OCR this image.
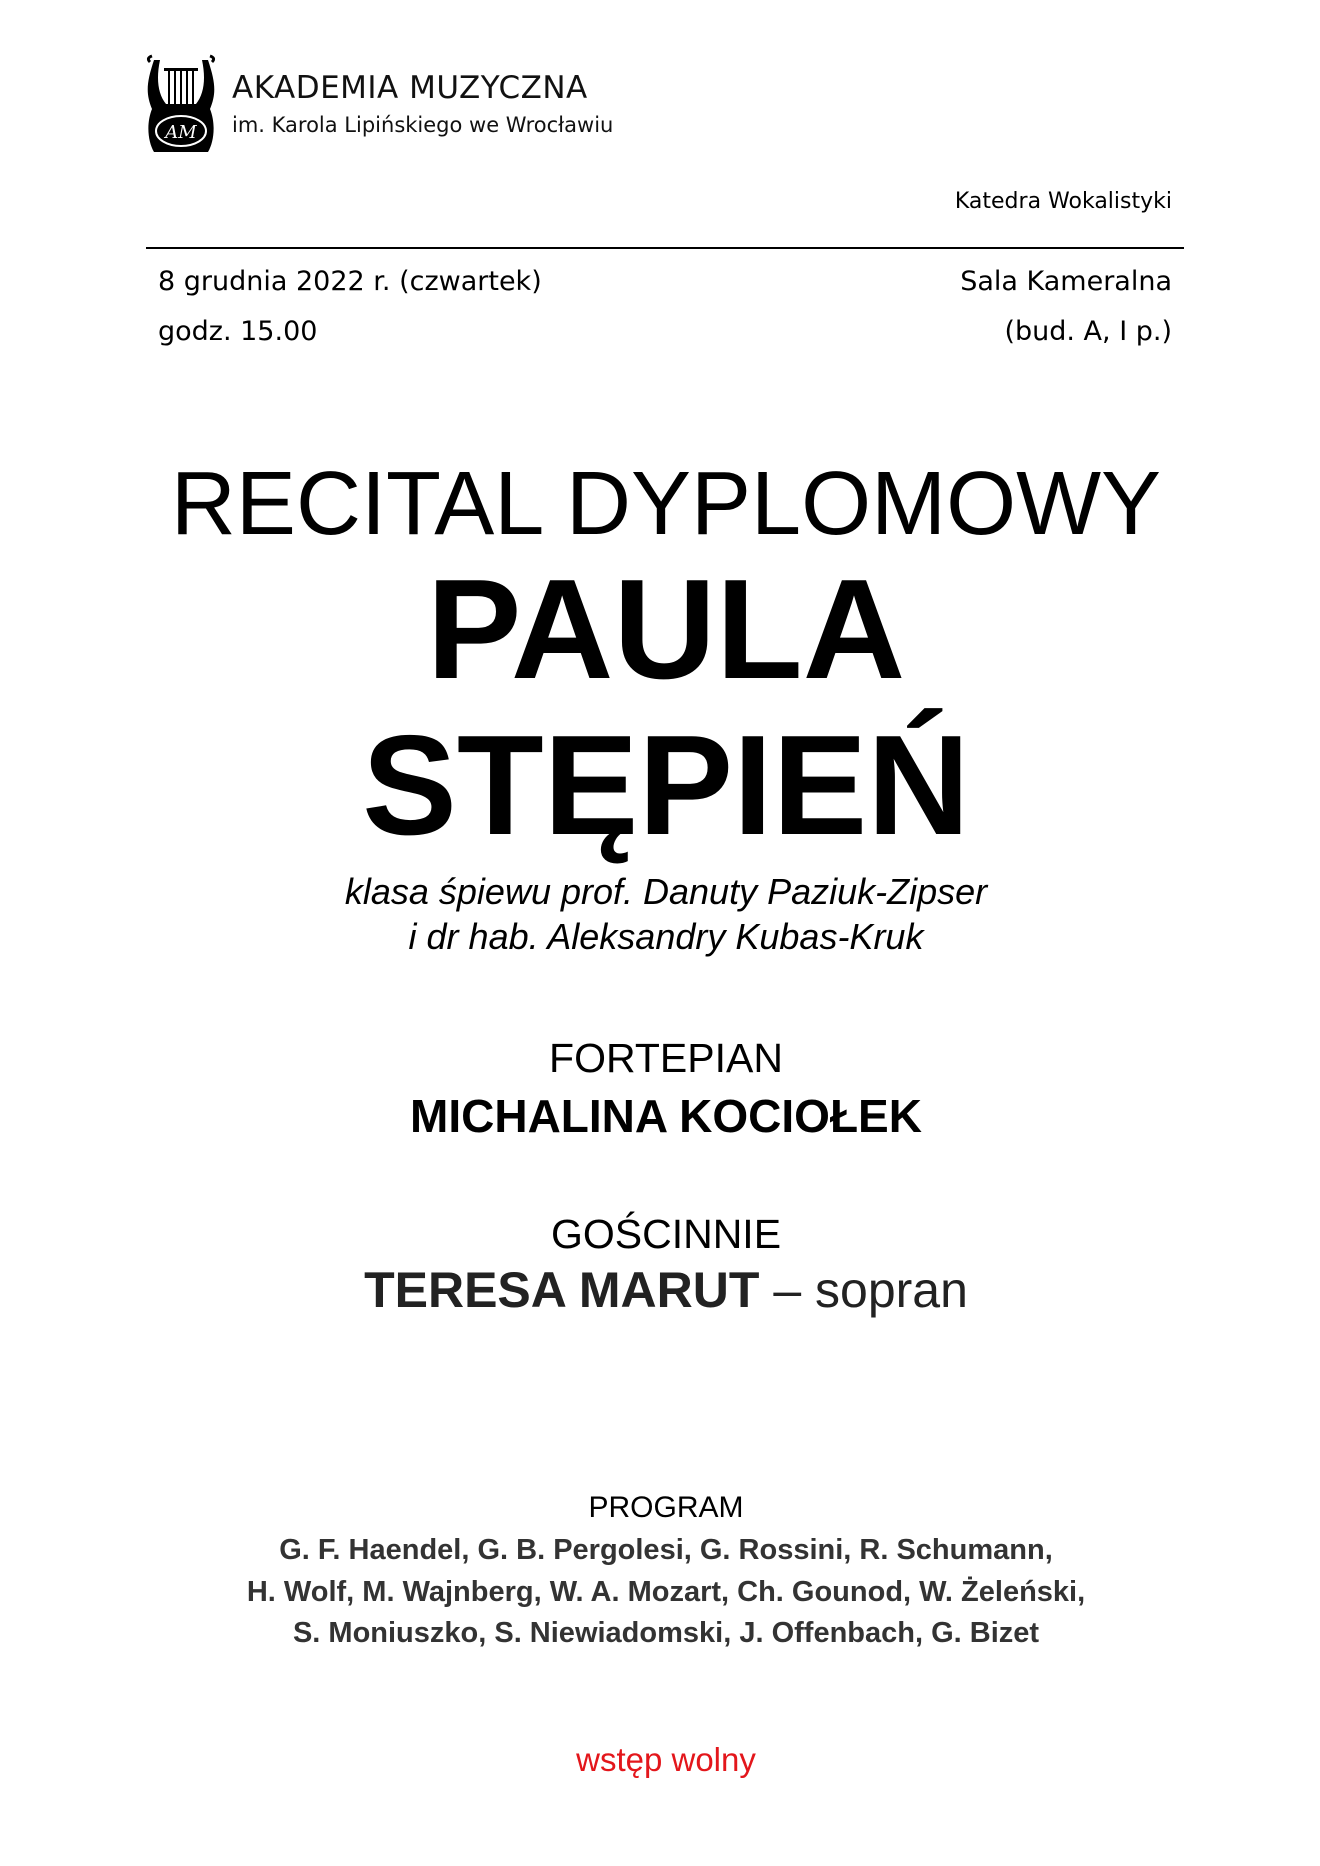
AM
AKADEMIA MUZYCZNA
im. Karola Lipińskiego we Wrocławiu
Katedra Wokalistyki
8 grudnia 2022 r. (czwartek)
godz. 15.00
Sala Kameralna
(bud. A, I p.)
RECITAL DYPLOMOWY
PAULA
STĘPIEŃ
klasa śpiewu prof. Danuty Paziuk-Zipser
i dr hab. Aleksandry Kubas-Kruk
FORTEPIAN
MICHALINA KOCIOŁEK
GOŚCINNIE
TERESA MARUT – sopran
PROGRAM
G. F. Haendel, G. B. Pergolesi, G. Rossini, R. Schumann,
H. Wolf, M. Wajnberg, W. A. Mozart, Ch. Gounod, W. Żeleński,
S. Moniuszko, S. Niewiadomski, J. Offenbach, G. Bizet
wstęp wolny
